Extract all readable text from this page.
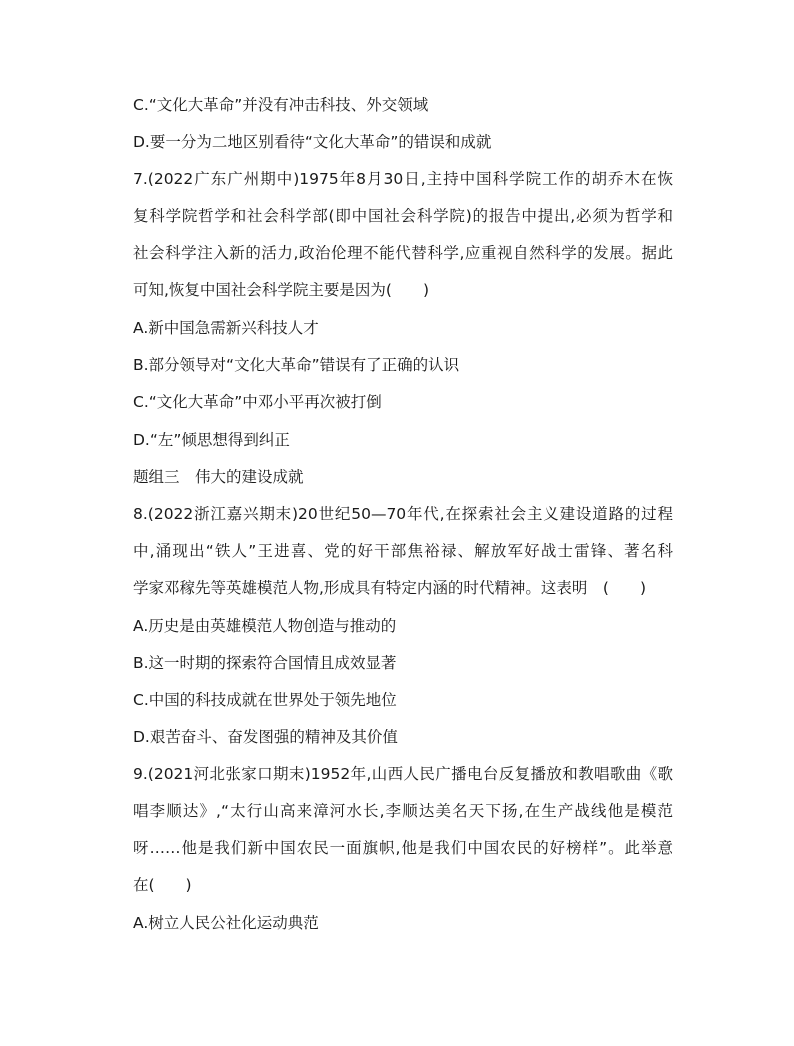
C.“文化大革命”并没有冲击科技、外交领域
D.要一分为二地区别看待“文化大革命”的错误和成就
7.(2022广东广州期中)1975年8月30日,主持中国科学院工作的胡乔木在恢
复科学院哲学和社会科学部(即中国社会科学院)的报告中提出,必须为哲学和
社会科学注入新的活力,政治伦理不能代替科学,应重视自然科学的发展。据此
可知,恢复中国社会科学院主要是因为(　　)
A.新中国急需新兴科技人才
B.部分领导对“文化大革命”错误有了正确的认识
C.“文化大革命”中邓小平再次被打倒
D.“左”倾思想得到纠正
题组三　伟大的建设成就
8.(2022浙江嘉兴期末)20世纪50—70年代,在探索社会主义建设道路的过程
中,涌现出“铁人”王进喜、党的好干部焦裕禄、解放军好战士雷锋、著名科
学家邓稼先等英雄模范人物,形成具有特定内涵的时代精神。这表明　(　　)
A.历史是由英雄模范人物创造与推动的
B.这一时期的探索符合国情且成效显著
C.中国的科技成就在世界处于领先地位
D.艰苦奋斗、奋发图强的精神及其价值
9.(2021河北张家口期末)1952年,山西人民广播电台反复播放和教唱歌曲《歌
唱李顺达》,“太行山高来漳河水长,李顺达美名天下扬,在生产战线他是模范
呀……他是我们新中国农民一面旗帜,他是我们中国农民的好榜样”。此举意
在(　　)
A.树立人民公社化运动典范
